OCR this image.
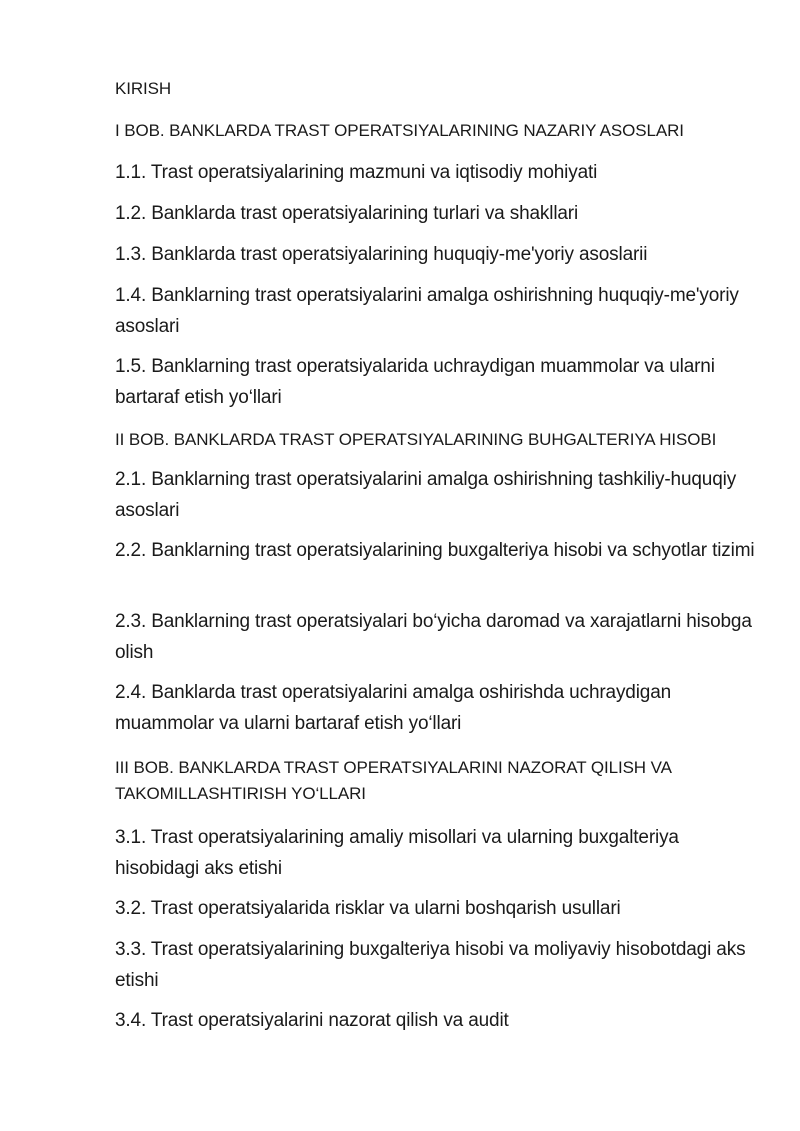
KIRISH

I BOB. BANKLARDA TRAST OPERATSIYALARINING NAZARIY ASOSLARI

1.1. Trast operatsiyalarining mazmuni va iqtisodiy mohiyati

1.2. Banklarda trast operatsiyalarining turlari va shakllari

1.3. Banklarda trast operatsiyalarining huquqiy-me'yoriy asoslarii

1.4. Banklarning trast operatsiyalarini amalga oshirishning huquqiy-me'yoriy asoslari

1.5. Banklarning trast operatsiyalarida uchraydigan muammolar va ularni bartaraf etish yo‘llari

II BOB. BANKLARDA TRAST OPERATSIYALARINING BUHGALTERIYA HISOBI

2.1. Banklarning trast operatsiyalarini amalga oshirishning tashkiliy-huquqiy asoslari

2.2. Banklarning trast operatsiyalarining buxgalteriya hisobi va schyotlar tizimi

2.3. Banklarning trast operatsiyalari bo‘yicha daromad va xarajatlarni hisobga olish

2.4. Banklarda trast operatsiyalarini amalga oshirishda uchraydigan muammolar va ularni bartaraf etish yo‘llari

III BOB. BANKLARDA TRAST OPERATSIYALARINI NAZORAT QILISH VA TAKOMILLASHTIRISH YO‘LLARI

3.1. Trast operatsiyalarining amaliy misollari va ularning buxgalteriya hisobidagi aks etishi

3.2. Trast operatsiyalarida risklar va ularni boshqarish usullari

3.3. Trast operatsiyalarining buxgalteriya hisobi va moliyaviy hisobotdagi aks etishi

3.4. Trast operatsiyalarini nazorat qilish va audit
